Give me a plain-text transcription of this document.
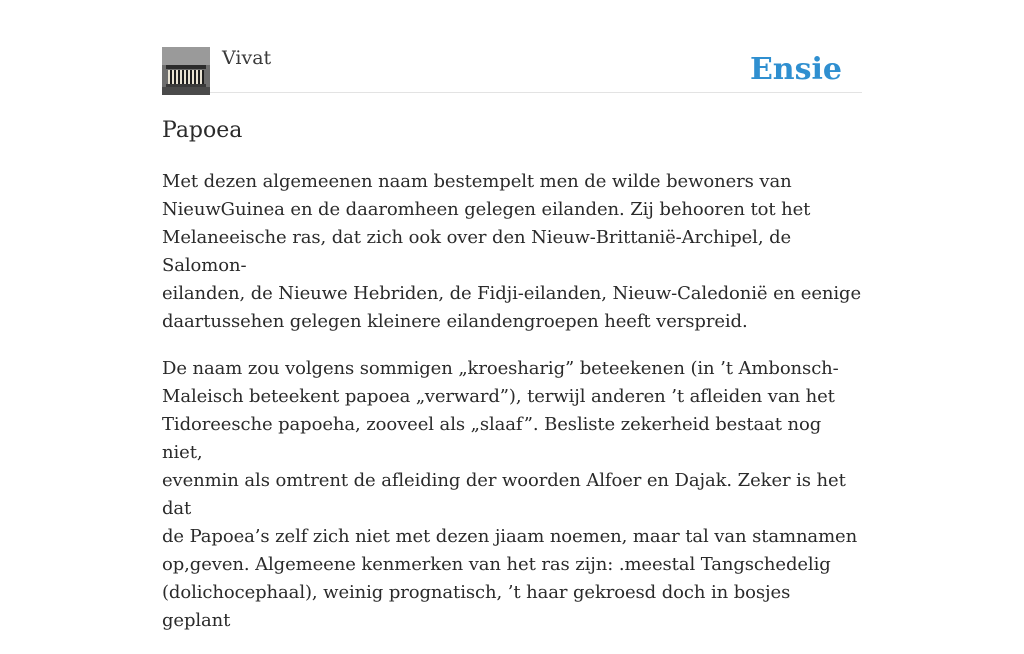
Vivat	Ensie
Papoea

Met dezen algemeenen naam bestempelt men de wilde bewoners van
NieuwGuinea en de daaromheen gelegen eilanden. Zij behooren tot het
Melaneeische ras, dat zich ook over den Nieuw-Brittanië-Archipel, de Salomon-
eilanden, de Nieuwe Hebriden, de Fidji-eilanden, Nieuw-Caledonië en eenige
daartussehen gelegen kleinere eilandengroepen heeft verspreid.

De naam zou volgens sommigen „kroesharig” beteekenen (in ’t Ambonsch-
Maleisch beteekent papoea „verward”), terwijl anderen ’t afleiden van het
Tidoreesche papoeha, zooveel als „slaaf”. Besliste zekerheid bestaat nog niet,
evenmin als omtrent de afleiding der woorden Alfoer en Dajak. Zeker is het dat
de Papoea’s zelf zich niet met dezen jiaam noemen, maar tal van stamnamen
op,geven. Algemeene kenmerken van het ras zijn: .meestal Tangschedelig
(dolichocephaal), weinig prognatisch, ’t haar gekroesd doch in bosjes geplant
